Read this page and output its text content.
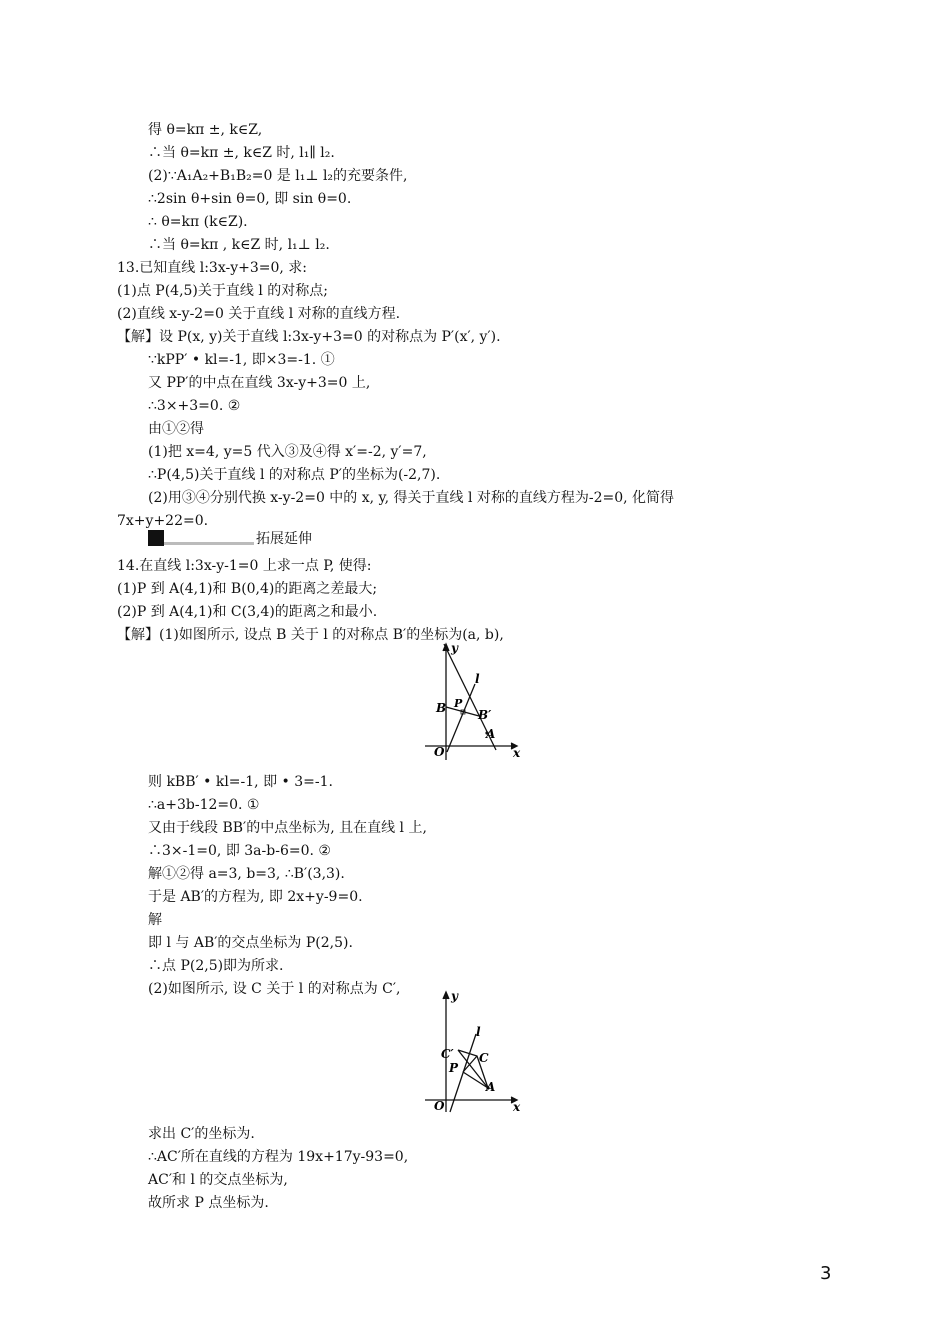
得 θ=kπ ±, k∈Z,
∴当 θ=kπ ±, k∈Z 时, l₁∥ l₂.
(2)∵A₁A₂+B₁B₂=0 是 l₁⊥ l₂的充要条件,
∴2sin θ+sin θ=0, 即 sin θ=0.
∴ θ=kπ (k∈Z).
∴当 θ=kπ , k∈Z 时, l₁⊥ l₂.
13.已知直线 l:3x-y+3=0, 求:
(1)点 P(4,5)关于直线 l 的对称点;
(2)直线 x-y-2=0 关于直线 l 对称的直线方程.
【解】设 P(x, y)关于直线 l:3x-y+3=0 的对称点为 P′(x′, y′).
∵kPP′ • kl=-1, 即×3=-1. ①
又 PP′的中点在直线 3x-y+3=0 上,
∴3×+3=0. ②
由①②得
(1)把 x=4, y=5 代入③及④得 x′=-2, y′=7,
∴P(4,5)关于直线 l 的对称点 P′的坐标为(-2,7).
(2)用③④分别代换 x-y-2=0 中的 x, y, 得关于直线 l 对称的直线方程为-2=0, 化简得
7x+y+22=0.
14.在直线 l:3x-y-1=0 上求一点 P, 使得:
(1)P 到 A(4,1)和 B(0,4)的距离之差最大;
(2)P 到 A(4,1)和 C(3,4)的距离之和最小.
【解】(1)如图所示, 设点 B 关于 l 的对称点 B′的坐标为(a, b),
则 kBB′ • kl=-1, 即 • 3=-1.
∴a+3b-12=0. ①
又由于线段 BB′的中点坐标为, 且在直线 l 上,
∴3×-1=0, 即 3a-b-6=0. ②
解①②得 a=3, b=3, ∴B′(3,3).
于是 AB′的方程为, 即 2x+y-9=0.
解
即 l 与 AB′的交点坐标为 P(2,5).
∴点 P(2,5)即为所求.
(2)如图所示, 设 C 关于 l 的对称点为 C′,
求出 C′的坐标为.
∴AC′所在直线的方程为 19x+17y-93=0,
AC′和 l 的交点坐标为,
故所求 P 点坐标为.
拓展延伸
y
l
B P
B′
A
O	x
y
l
C′ C
P
A
O	x
3
